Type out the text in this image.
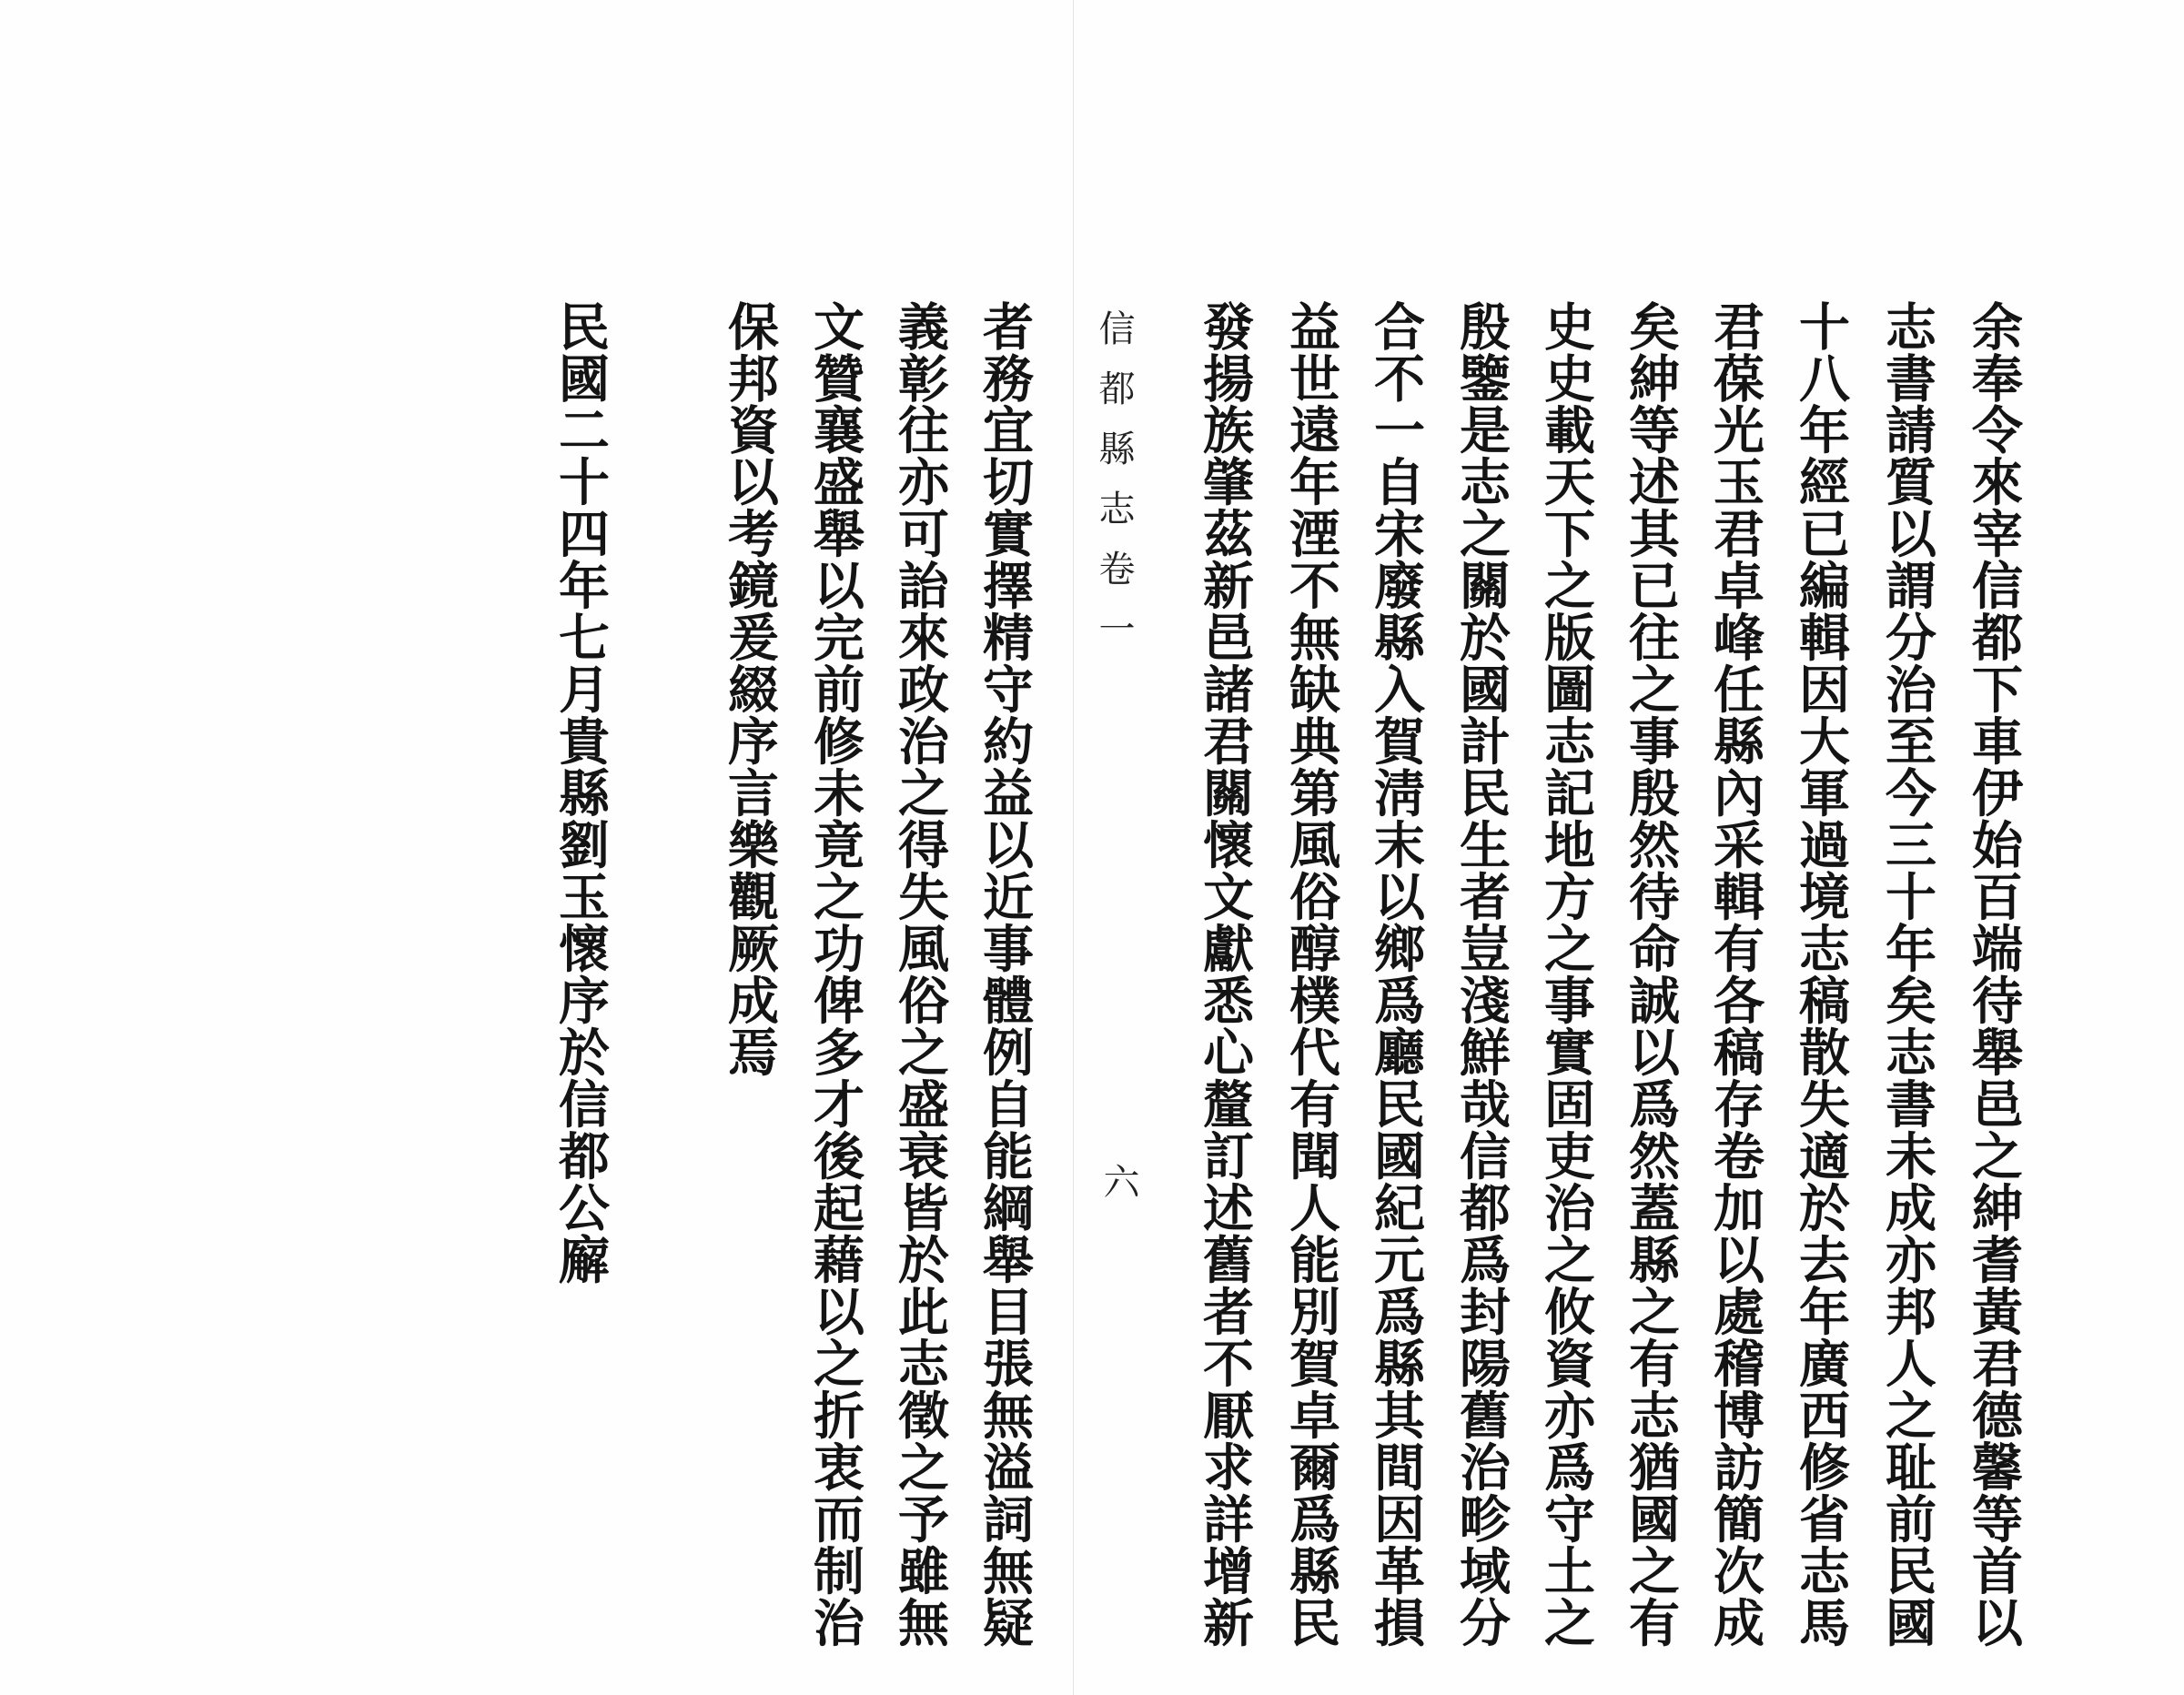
余奉令來宰信都下車伊始百端待舉邑之紳耆黃君德馨等首以
志書請質以謂分治至今三十年矣志書未成亦邦人之耻前民國
十八年經已編輯因大軍過境志稿散失適於去年廣西修省志馬
君葆光玉君卓峰任縣內采輯有各稿存卷加以處稽博訪簡次成
矣紳等述其已往之事殷然待命誠以爲然蓋縣之有志猶國之有
史史載天下之版圖志記地方之事實固吏治之攸資亦爲守土之
殷鑒是志之關於國計民生者豈淺鮮哉信都爲封陽舊治畛域分
合不一自宋廢縣入賀淸末以鄉爲廳民國紀元爲縣其間因革損
益世遠年湮不無缺典第風俗醇樸代有聞人能別賀卓爾爲縣民
發揚族肇茲新邑諸君關懷文獻悉心釐訂述舊者不厭求詳增新
信都縣志卷一
六
者務宜切實擇精守約益以近事體例自能綱舉目張無溢詞無疑
義彰往亦可詒來政治之得失風俗之盛衰皆於此志徵之予雖無
文贊襄盛舉以完前修未竟之功俾多才後起藉以之折衷而制治
保邦資以考鏡爰綴序言樂觀厥成焉
民國二十四年七月貴縣劉玉懷序於信都公廨
